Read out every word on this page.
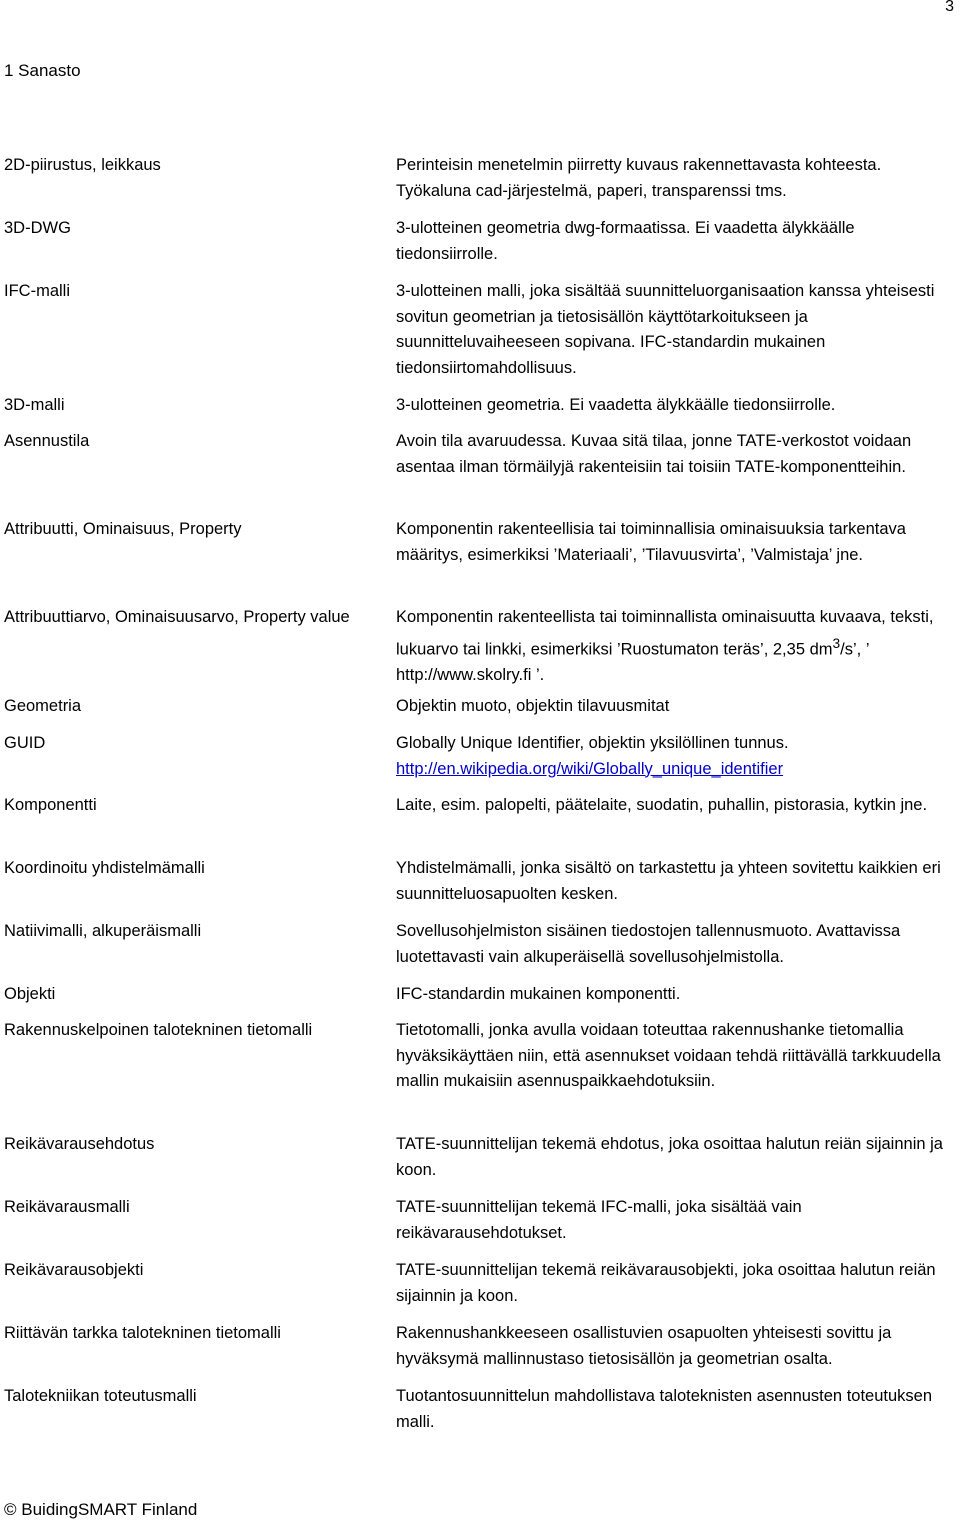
3
1 Sanasto
2D-piirustus, leikkaus	Perinteisin menetelmin piirretty kuvaus rakennettavasta kohteesta. Työkaluna cad-järjestelmä, paperi, transparenssi tms.
3D-DWG	3-ulotteinen geometria dwg-formaatissa. Ei vaadetta älykkäälle tiedonsiirrolle.
IFC-malli	3-ulotteinen malli, joka sisältää suunnitteluorganisaation kanssa yhteisesti sovitun geometrian ja tietosisällön käyttötarkoitukseen ja suunnitteluvaiheeseen sopivana. IFC-standardin mukainen tiedonsiirtomahdollisuus.
3D-malli	3-ulotteinen geometria. Ei vaadetta älykkäälle tiedonsiirrolle.
Asennustila	Avoin tila avaruudessa. Kuvaa sitä tilaa, jonne TATE-verkostot voidaan asentaa ilman törmäilyjä rakenteisiin tai toisiin TATE-komponentteihin.
Attribuutti, Ominaisuus, Property	Komponentin rakenteellisia tai toiminnallisia ominaisuuksia tarkentava määritys, esimerkiksi ’Materiaali’, ’Tilavuusvirta’, ’Valmistaja’ jne.
Attribuuttiarvo, Ominaisuusarvo, Property value	Komponentin rakenteellista tai toiminnallista ominaisuutta kuvaava, teksti, lukuarvo tai linkki, esimerkiksi ’Ruostumaton teräs’, 2,35 $dm^3/s$’, ’ http://www.skolry.fi ’.
Geometria	Objektin muoto, objektin tilavuusmitat
GUID	Globally Unique Identifier, objektin yksilöllinen tunnus.
http://en.wikipedia.org/wiki/Globally_unique_identifier
Komponentti	Laite, esim. palopelti, päätelaite, suodatin, puhallin, pistorasia, kytkin jne.
Koordinoitu yhdistelmämalli	Yhdistelmämalli, jonka sisältö on tarkastettu ja yhteen sovitettu kaikkien eri suunnitteluosapuolten kesken.
Natiivimalli, alkuperäismalli	Sovellusohjelmiston sisäinen tiedostojen tallennusmuoto. Avattavissa luotettavasti vain alkuperäisellä sovellusohjelmistolla.
Objekti	IFC-standardin mukainen komponentti.
Rakennuskelpoinen talotekninen tietomalli	Tietotomalli, jonka avulla voidaan toteuttaa rakennushanke tietomallia hyväksikäyttäen niin, että asennukset voidaan tehdä riittävällä tarkkuudella mallin mukaisiin asennuspaikkaehdotuksiin.
Reikävarausehdotus	TATE-suunnittelijan tekemä ehdotus, joka osoittaa halutun reiän sijainnin ja koon.
Reikävarausmalli	TATE-suunnittelijan tekemä IFC-malli, joka sisältää vain reikävarausehdotukset.
Reikävarausobjekti	TATE-suunnittelijan tekemä reikävarausobjekti, joka osoittaa halutun reiän sijainnin ja koon.
Riittävän tarkka talotekninen tietomalli	Rakennushankkeeseen osallistuvien osapuolten yhteisesti sovittu ja hyväksymä mallinnustaso tietosisällön ja geometrian osalta.
Talotekniikan toteutusmalli	Tuotantosuunnittelun mahdollistava taloteknisten asennusten toteutuksen malli.
© BuidingSMART Finland
